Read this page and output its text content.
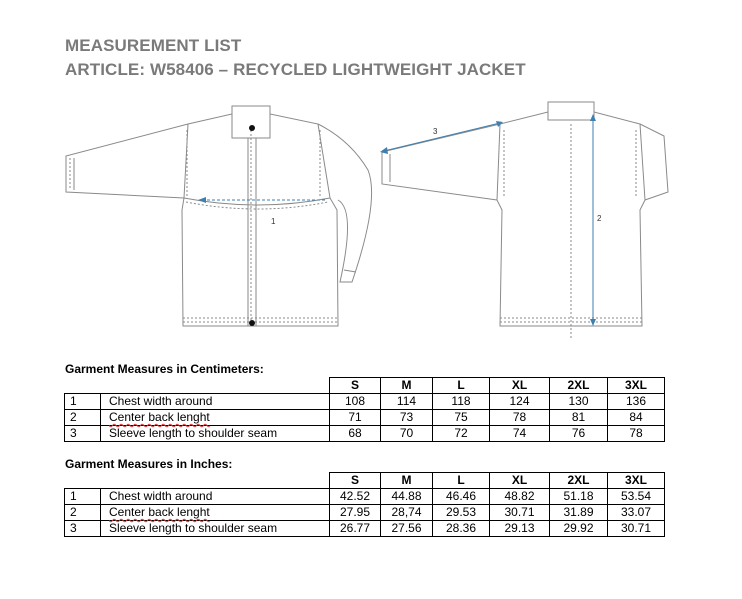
MEASUREMENT LIST
ARTICLE: W58406 – RECYCLED LIGHTWEIGHT JACKET
1	2
3
Garment Measures in Centimeters:
		S	M	L	XL	2XL	3XL
1	Chest width around	108	114	118	124	130	136
2	Center back lenght	71	73	75	78	81	84
3	Sleeve length to shoulder seam	68	70	72	74	76	78
Garment Measures in Inches:
		S	M	L	XL	2XL	3XL
1	Chest width around	42.52	44.88	46.46	48.82	51.18	53.54
2	Center back lenght	27.95	28,74	29.53	30.71	31.89	33.07
3	Sleeve length to shoulder seam	26.77	27.56	28.36	29.13	29.92	30.71
